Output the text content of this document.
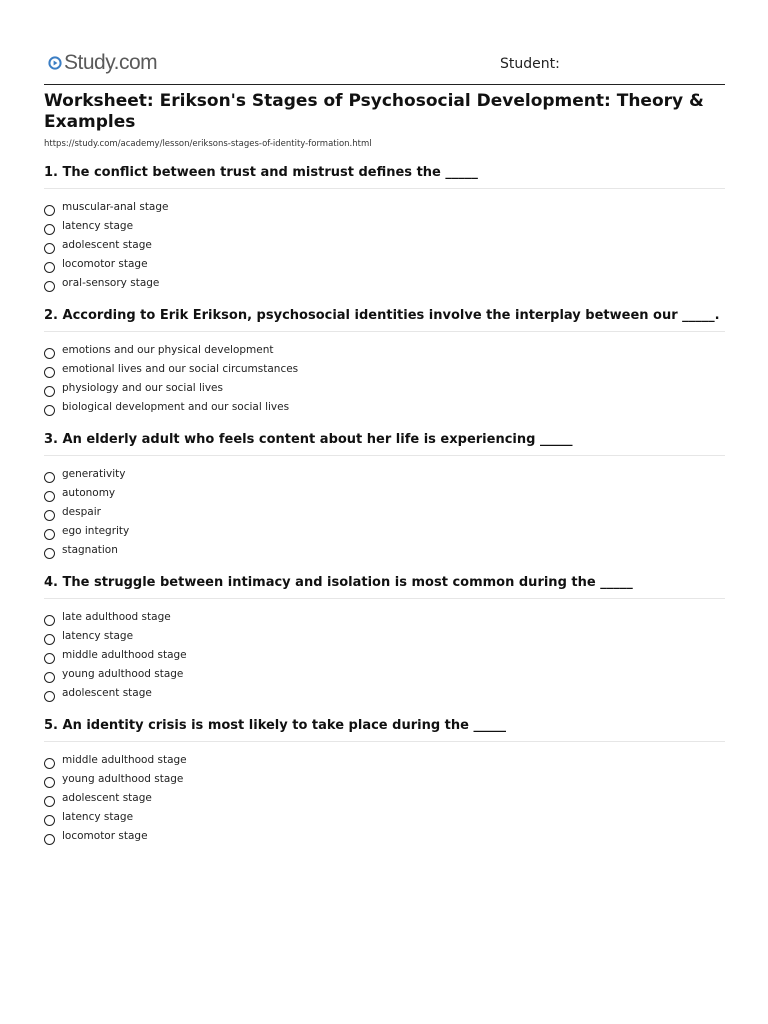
Study.com	Student:
Worksheet: Erikson's Stages of Psychosocial Development: Theory & Examples
https://study.com/academy/lesson/eriksons-stages-of-identity-formation.html
1. The conflict between trust and mistrust defines the _____
muscular-anal stage
latency stage
adolescent stage
locomotor stage
oral-sensory stage
2. According to Erik Erikson, psychosocial identities involve the interplay between our _____.
emotions and our physical development
emotional lives and our social circumstances
physiology and our social lives
biological development and our social lives
3. An elderly adult who feels content about her life is experiencing _____
generativity
autonomy
despair
ego integrity
stagnation
4. The struggle between intimacy and isolation is most common during the _____
late adulthood stage
latency stage
middle adulthood stage
young adulthood stage
adolescent stage
5. An identity crisis is most likely to take place during the _____
middle adulthood stage
young adulthood stage
adolescent stage
latency stage
locomotor stage
